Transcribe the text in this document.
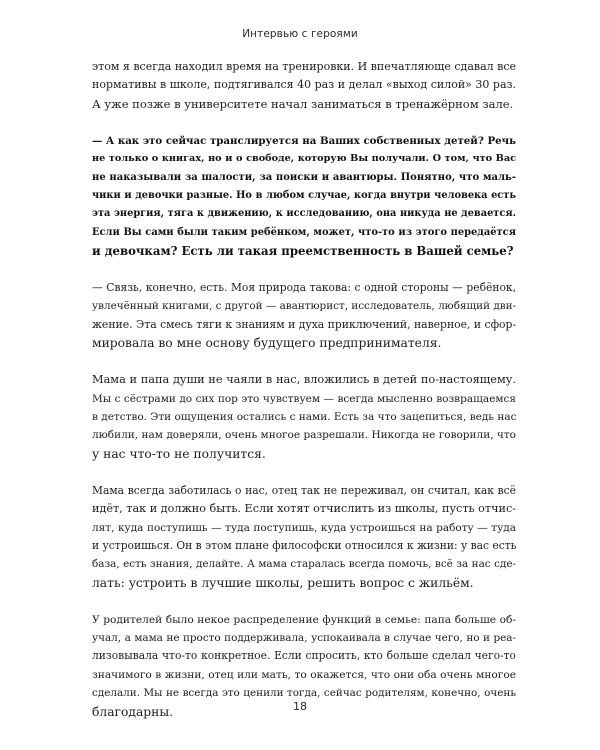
Интервью с героями

этом я всегда находил время на тренировки. И впечатляюще сдавал все
нормативы в школе, подтягивался 40 раз и делал «выход силой» 30 раз.
А уже позже в университете начал заниматься в тренажёрном зале.

— А как это сейчас транслируется на Ваших собственных детей? Речь
не только о книгах, но и о свободе, которую Вы получали. О том, что Вас
не наказывали за шалости, за поиски и авантюры. Понятно, что маль-
чики и девочки разные. Но в любом случае, когда внутри человека есть
эта энергия, тяга к движению, к исследованию, она никуда не девается.
Если Вы сами были таким ребёнком, может, что-то из этого передаётся
и девочкам? Есть ли такая преемственность в Вашей семье?

— Связь, конечно, есть. Моя природа такова: с одной стороны — ребёнок,
увлечённый книгами, с другой — авантюрист, исследователь, любящий дви-
жение. Эта смесь тяги к знаниям и духа приключений, наверное, и сфор-
мировала во мне основу будущего предпринимателя.

Мама и папа души не чаяли в нас, вложились в детей по-настоящему.
Мы с сёстрами до сих пор это чувствуем — всегда мысленно возвращаемся
в детство. Эти ощущения остались с нами. Есть за что зацепиться, ведь нас
любили, нам доверяли, очень многое разрешали. Никогда не говорили, что
у нас что-то не получится.

Мама всегда заботилась о нас, отец так не переживал, он считал, как всё
идёт, так и должно быть. Если хотят отчислить из школы, пусть отчис-
лят, куда поступишь — туда поступишь, куда устроишься на работу — туда
и устроишься. Он в этом плане философски относился к жизни: у вас есть
база, есть знания, делайте. А мама старалась всегда помочь, всё за нас сде-
лать: устроить в лучшие школы, решить вопрос с жильём.

У родителей было некое распределение функций в семье: папа больше об-
учал, а мама не просто поддерживала, успокаивала в случае чего, но и реа-
лизовывала что-то конкретное. Если спросить, кто больше сделал чего-то
значимого в жизни, отец или мать, то окажется, что они оба очень многое
сделали. Мы не всегда это ценили тогда, сейчас родителям, конечно, очень
благодарны.	18
